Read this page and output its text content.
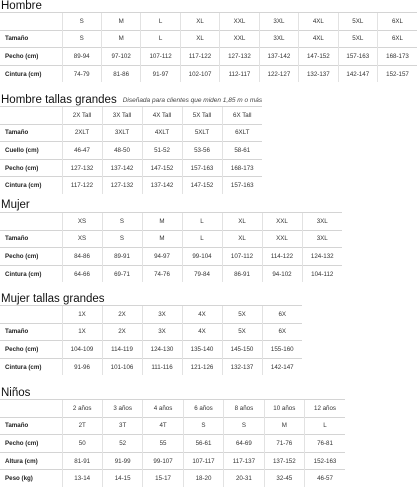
Hombre
	S	M	L	XL	XXL	3XL	4XL	5XL	6XL
Tamaño	S	M	L	XL	XXL	3XL	4XL	5XL	6XL
Pecho (cm)	89-94	97-102	107-112	117-122	127-132	137-142	147-152	157-163	168-173
Cintura (cm)	74-79	81-86	91-97	102-107	112-117	122-127	132-137	142-147	152-157
Hombre tallas grandes Diseñada para clientes que miden 1,85 m o más
	2X Tall	3X Tall	4X Tall	5X Tall	6X Tall
Tamaño	2XLT	3XLT	4XLT	5XLT	6XLT
Cuello (cm)	46-47	48-50	51-52	53-56	58-61
Pecho (cm)	127-132	137-142	147-152	157-163	168-173
Cintura (cm)	117-122	127-132	137-142	147-152	157-163
Mujer
	XS	S	M	L	XL	XXL	3XL
Tamaño	XS	S	M	L	XL	XXL	3XL
Pecho (cm)	84-86	89-91	94-97	99-104	107-112	114-122	124-132
Cintura (cm)	64-66	69-71	74-76	79-84	86-91	94-102	104-112
Mujer tallas grandes
	1X	2X	3X	4X	5X	6X
Tamaño	1X	2X	3X	4X	5X	6X
Pecho (cm)	104-109	114-119	124-130	135-140	145-150	155-160
Cintura (cm)	91-96	101-106	111-116	121-126	132-137	142-147
Niños
	2 años	3 años	4 años	6 años	8 años	10 años	12 años
Tamaño	2T	3T	4T	S	S	M	L
Pecho (cm)	50	52	55	56-61	64-69	71-76	76-81
Altura (cm)	81-91	91-99	99-107	107-117	117-137	137-152	152-163
Peso (kg)	13-14	14-15	15-17	18-20	20-31	32-45	46-57
